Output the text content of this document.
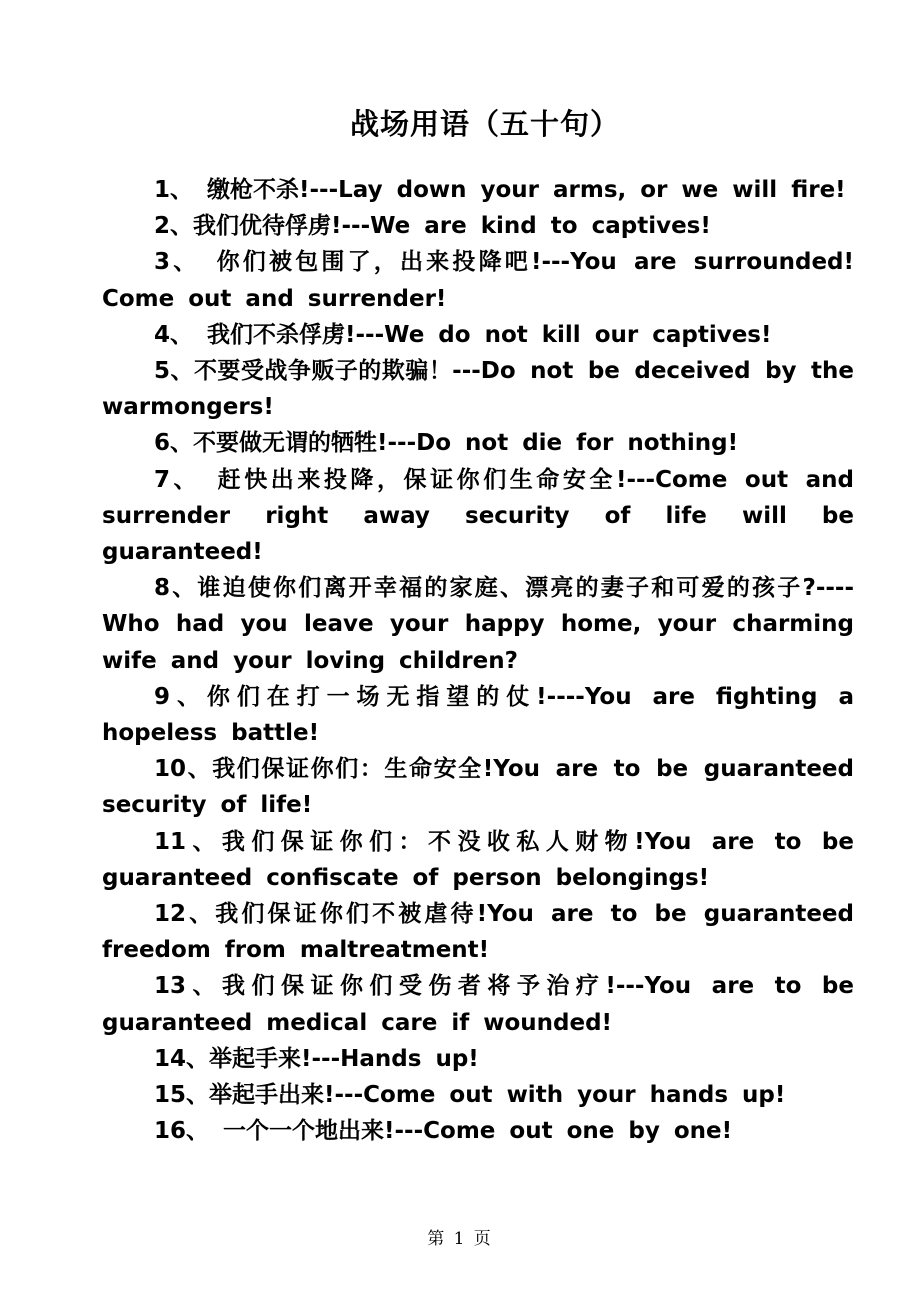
战场用语（五十句）

1、 缴枪不杀!---Lay down your arms, or we will fire!

2、我们优待俘虏!---We are kind to captives!

3、 你们被包围了，出来投降吧!---You are surrounded! Come out and surrender!

4、 我们不杀俘虏!---We do not kill our captives!

5、不要受战争贩子的欺骗！---Do not be deceived by the warmongers!

6、不要做无谓的牺牲!---Do not die for nothing!

7、 赶快出来投降，保证你们生命安全!---Come out and surrender right away security of life will be guaranteed!

8、谁迫使你们离开幸福的家庭、漂亮的妻子和可爱的孩子?----Who had you leave your happy home, your charming wife and your loving children?

9、你们在打一场无指望的仗!----You are fighting a hopeless battle!

10、我们保证你们：生命安全!You are to be guaranteed security of life!

11、我们保证你们：不没收私人财物!You are to be guaranteed confiscate of person belongings!

12、我们保证你们不被虐待!You are to be guaranteed freedom from maltreatment!

13、我们保证你们受伤者将予治疗!---You are to be guaranteed medical care if wounded!

14、举起手来!---Hands up!

15、举起手出来!---Come out with your hands up!

16、 一个一个地出来!---Come out one by one!

第 1 页
